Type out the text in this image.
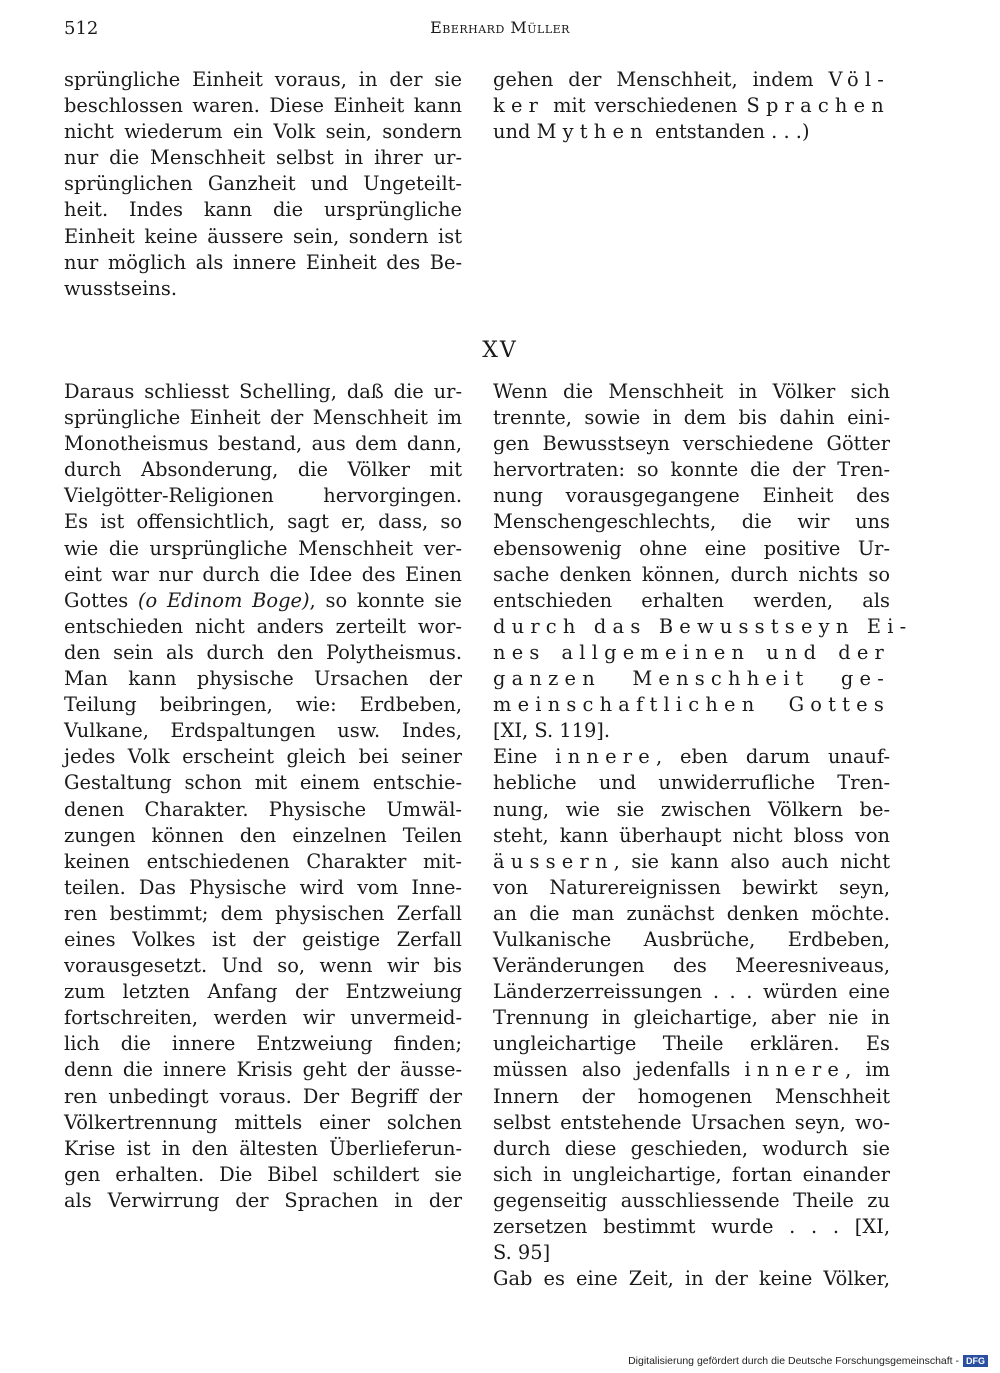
512	Eberhard Müller

sprüngliche Einheit voraus, in der sie

beschlossen waren. Diese Einheit kann

nicht wiederum ein Volk sein, sondern

nur die Menschheit selbst in ihrer ur-

sprünglichen Ganzheit und Ungeteilt-

heit. Indes kann die ursprüngliche

Einheit keine äussere sein, sondern ist

nur möglich als innere Einheit des Be-

wusstseins.

gehen der Menschheit, indem Völ-

ker mit verschiedenen Sprachen

und Mythen entstanden . . .)

XV

Daraus schliesst Schelling, daß die ur-

sprüngliche Einheit der Menschheit im

Monotheismus bestand, aus dem dann,

durch Absonderung, die Völker mit

Vielgötter-Religionen hervorgingen.

Es ist offensichtlich, sagt er, dass, so

wie die ursprüngliche Menschheit ver-

eint war nur durch die Idee des Einen

Gottes (o Edinom Boge), so konnte sie

entschieden nicht anders zerteilt wor-

den sein als durch den Polytheismus.

Man kann physische Ursachen der

Teilung beibringen, wie: Erdbeben,

Vulkane, Erdspaltungen usw. Indes,

jedes Volk erscheint gleich bei seiner

Gestaltung schon mit einem entschie-

denen Charakter. Physische Umwäl-

zungen können den einzelnen Teilen

keinen entschiedenen Charakter mit-

teilen. Das Physische wird vom Inne-

ren bestimmt; dem physischen Zerfall

eines Volkes ist der geistige Zerfall

vorausgesetzt. Und so, wenn wir bis

zum letzten Anfang der Entzweiung

fortschreiten, werden wir unvermeid-

lich die innere Entzweiung finden;

denn die innere Krisis geht der äusse-

ren unbedingt voraus. Der Begriff der

Völkertrennung mittels einer solchen

Krise ist in den ältesten Überlieferun-

gen erhalten. Die Bibel schildert sie

als Verwirrung der Sprachen in der

Wenn die Menschheit in Völker sich

trennte, sowie in dem bis dahin eini-

gen Bewusstseyn verschiedene Götter

hervortraten: so konnte die der Tren-

nung vorausgegangene Einheit des

Menschengeschlechts, die wir uns

ebensowenig ohne eine positive Ur-

sache denken können, durch nichts so

entschieden erhalten werden, als

durch das Bewusstseyn Ei-

nes allgemeinen und der

ganzen Menschheit ge-

meinschaftlichen Gottes

[XI, S. 119].

Eine innere, eben darum unauf-

hebliche und unwiderrufliche Tren-

nung, wie sie zwischen Völkern be-

steht, kann überhaupt nicht bloss von

äussern, sie kann also auch nicht

von Naturereignissen bewirkt seyn,

an die man zunächst denken möchte.

Vulkanische Ausbrüche, Erdbeben,

Veränderungen des Meeresniveaus,

Länderzerreissungen . . . würden eine

Trennung in gleichartige, aber nie in

ungleichartige Theile erklären. Es

müssen also jedenfalls innere, im

Innern der homogenen Menschheit

selbst entstehende Ursachen seyn, wo-

durch diese geschieden, wodurch sie

sich in ungleichartige, fortan einander

gegenseitig ausschliessende Theile zu

zersetzen bestimmt wurde . . . [XI,

S. 95]

Gab es eine Zeit, in der keine Völker,

Digitalisierung gefördert durch die Deutsche Forschungsgemeinschaft - DFG
